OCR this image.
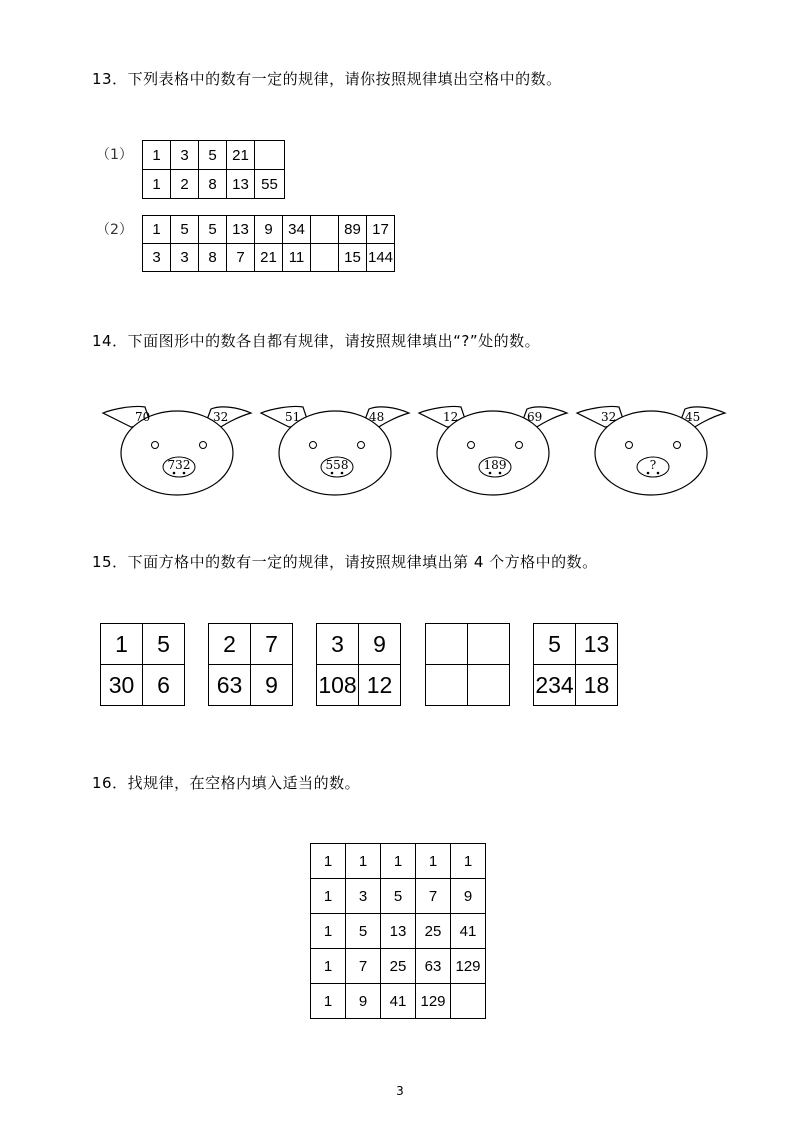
13．下列表格中的数有一定的规律，请你按照规律填出空格中的数。
（1） 1	3	5	21	
1	2	8	13	55
（2） 1	5	5	13	9	34		89	17
3	3	8	7	21	11		15	144
14．下面图形中的数各自都有规律，请按照规律填出“?”处的数。
70	32
732
51	48
558
12	69
189
32	45
?
15．下面方格中的数有一定的规律，请按照规律填出第 4 个方格中的数。
1	5
30	6
2	7
63	9
3	9
108	12

5	13
234	18
16．找规律，在空格内填入适当的数。
1	1	1	1	1
1	3	5	7	9
1	5	13	25	41
1	7	25	63	129
1	9	41	129	
3
